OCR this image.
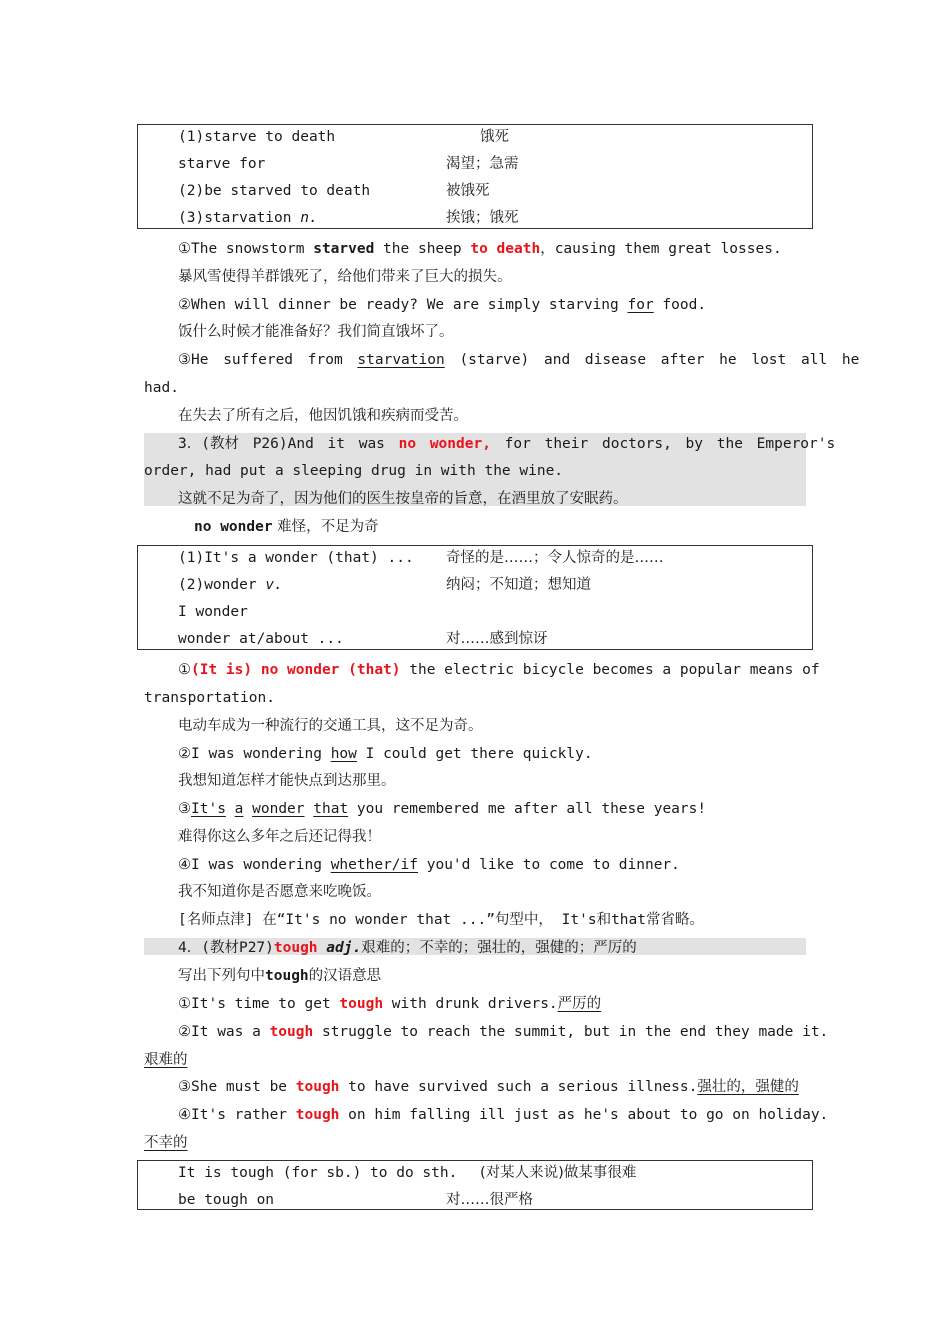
(1)starve to death	饿死
starve for	渴望；急需
(2)be starved to death	被饿死
(3)starvation n.	挨饿；饿死
①The snowstorm starved the sheep to death，causing them great losses.
暴风雪使得羊群饿死了，给他们带来了巨大的损失。
②When will dinner be ready? We are simply starving for food.
饭什么时候才能准备好？我们简直饿坏了。
③He suffered from starvation (starve) and disease after he lost all he
had.
在失去了所有之后，他因饥饿和疾病而受苦。
3．(教材 P26)And it was no wonder, for their doctors, by the Emperor's
order, had put a sleeping drug in with the wine.
这就不足为奇了，因为他们的医生按皇帝的旨意，在酒里放了安眠药。
no wonder 难怪，不足为奇
(1)It's a wonder (that) ... 奇怪的是……；令人惊奇的是……
(2)wonder v.	纳闷；不知道；想知道
I wonder
wonder at/about ...	对……感到惊讶
①(It is) no wonder (that) the electric bicycle becomes a popular means of
transportation.
电动车成为一种流行的交通工具，这不足为奇。
②I was wondering how I could get there quickly.
我想知道怎样才能快点到达那里。
③It's a wonder that you remembered me after all these years!
难得你这么多年之后还记得我！
④I was wondering whether/if you'd like to come to dinner.
我不知道你是否愿意来吃晚饭。
[名师点津] 在“It's no wonder that ...”句型中， It's和that常省略。
4．(教材P27)tough adj.艰难的；不幸的；强壮的，强健的；严厉的
写出下列句中tough的汉语意思
①It's time to get tough with drunk drivers.严厉的
②It was a tough struggle to reach the summit, but in the end they made it.
艰难的
③She must be tough to have survived such a serious illness.强壮的，强健的
④It's rather tough on him falling ill just as he's about to go on holiday.
不幸的
It is tough (for sb.) to do sth. (对某人来说)做某事很难
be tough on	对……很严格
